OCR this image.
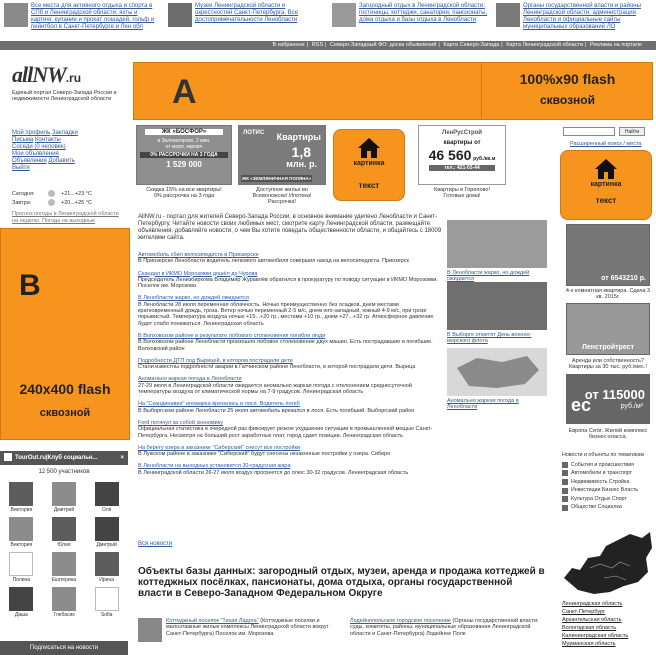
Все места для активного отдыха и спорта в СПб и Ленинградской области: яхты и картинг, купание и прокат лошадей, гольф и пейнтбол в Санкт-Петербурге и Лен обл
Музеи Ленинградской области и окрестностей Санкт-Петербурга. Все достопримечательности Ленобласти
Загородный отдых в Ленинградской области: гостиницы, коттеджи, санатории, пансионаты, дома отдыха и базы отдыха в Ленобласти
Органы государственной власти и районы Ленинградской области, администрация Ленобласти и официальные сайты муниципальных образований ЛО
В избранное | RSS | Северо-Западный ФО: доска объявлений | Карта Северо-Запада | Карта Ленинградской области | Реклама на портале
allNW.ru
Единый портал Северо-Запада России и недвижимости Ленинградской области	A	100%x90 flash
сквозной
Мой профиль Закладки
Письма Контакты
Соседи (0 человек)
Мои объявления
Объявления Добавить
Выйти
Сегодня:	+21...+23 °С
Завтра:	+20...+25 °С
Прогноз погоды в Ленинградской области на неделю. Погода на выходные
B
240x400 flash
сквозной
TourOut.ru|Клуб социальн...	×
12 500 участников
Виктория	Дмитрий	Оля
Виктория	Юлия	Дмитрий
Полина	Екатерина	Ирина
Даша	Глебасик	Sofia
Подписаться на новости
ЖК «БОСФОР»
в Зеленогорске, 2 мин.
от моря, кирпич
0% РАССРОЧКИ НА 3 ГОДА
1 529 000
Скидка 15% на все квартиры!
0% рассрочка на 3 года
ЛОТИС Квартиры
1,8
млн. р.
ЖК «ЗЕМЛЯНИЧНАЯ ПОЛЯНА»
Доступное жилье во
Всеволожске! Ипотека! Рассрочка!
картинка
текст
ЛенРусСтрой
квартиры от
46 560 руб./кв.м
тел.: 421-03-44
Квартиры в Горелово!
Готовые дома!
AllNW.ru - портал для жителей Северо-Запада России, в основное внимание уделено Ленобласти и Санкт-Петербургу. Читайте новости своих любимых мест, смотрите карту Ленинградской области, размещайте объявления, добавляйте новости, о чем Вы хотите поведать общественности области, и общайтесь с 18009 жителями сайта.
Автомобиль сбил велосипедиста в Приозерске
В Приозерске Ленобласти водитель легкового автомобиля совершил наезд на велосипедиста. Приозерск
Скандал в ИКМО Морозовки дошёл до Чурова
Председатель Ленизбиркома Владимир Журавлёв обратился в прокуратуру по поводу ситуации в ИКМО Морозовки. Поселок им. Морозова
В Ленобласти жарко, но дождей ожидается
В Ленобласти 28 июля переменная облачность. Ночью преимущественно без осадков, днем местами кратковременный дождь, гроза. Ветер ночью переменный 2-5 м/с, днем юго-западный, южный 4-9 м/с, при грозе порывистый. Температура воздуха ночью +15...+20 гр., местами +10 гр., днем +27...+32 гр. Атмосферное давление будет слабо понижаться. Ленинградская область
В Волховском районе в результате лобового столкновения погибли люди
В Волховском районе Ленобласти произошло лобовое столкновение двух машин. Есть пострадавшие и погибшие. Волховский район
Подробности ДТП под Вырицей, в котором пострадали дети
Стали известны подробности аварии в Гатчинском районе Ленобласти, в которой пострадали дети. Вырица
Аномально жаркая погода в Ленобласти
27-29 июля в Ленинградской области ожидается аномально жаркая погода с отклонением среднесуточной температуры воздуха от климатической нормы на 7-9 градусов. Ленинградская область
На "Скандинавии" иномарка врезалась в лося. Водитель погиб
В Выборгском районе Ленобласти 25 июля автомобиль врезался в лося. Есть погибший. Выборгский район
Ford потянул за собой экономику
Официальная статистика в очередной раз фиксирует резкое ухудшение ситуации в промышленной мощью Санкт-Петербурга. Несмотря на больший рост заработных плат, город сдает позиции. Ленинградская область
На берегу озера в заказнике "Сиберский" снесут все постройки
В Лужском районе в заказнике "Сиберский" будут снесены незаконные постройки у озера. Сиберо
В Ленобласти на выходных установится 30-градусная жара
В Ленинградской области 26-27 июля воздух прогреется до плюс 30-32 градусов. Ленинградская область
Вся новости
В Ленобласти жарко, но дождей ожидается
В Выборге отметят День военно-морского флота
Аномально жаркая погода в Ленобласти
Объекты базы данных: загородный отдых, музеи, аренда и продажа коттеджей в коттеджных посёлках, пансионаты, дома отдыха, органы государственной власти в Северо-Западном Федеральном Округе
Коттеджный поселок "Тихая Ладога" (Коттеджные поселки и малоэтажные жилые комплексы Ленинградской области вокруг Санкт-Петербурга) Поселок им. Морозова
Лодейнопольское городское поселение (Органы государственной власти: суды, комитеты, районы, муниципальные образования Ленинградской области и Санкт-Петербурга) Лодейное Поле
Найти
Расширенный поиск / места
картинка
текст
от 6543210 р.
4-х комнатная квартира. Сдача 3 кв. 2015г.
Ленстройтрест
Аренда или собственность? Квартиры за 30 тыс. руб./мес.!
ec
от 115000
руб./м²
Европа Сити. Жилой комплекс бизнес-класса.
Новости и объекты по тематикам
События и происшествия
Автомобили и транспорт
Недвижимость Стройка
Инвестиции Бизнес Власть
Культура Отдых Спорт
Общество Социалка
Ленинградская область
Санкт-Петербург
Архангельская область
Вологодская область
Калининградская область
Мурманская область
